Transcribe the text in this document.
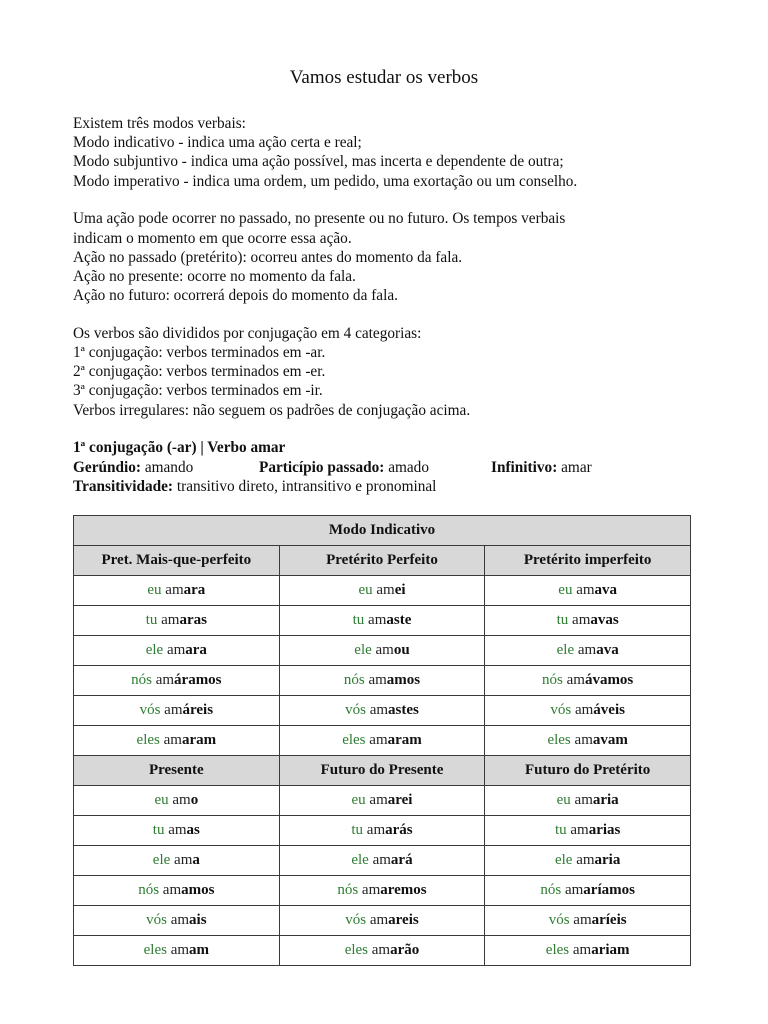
Vamos estudar os verbos
Existem três modos verbais:
Modo indicativo - indica uma ação certa e real;
Modo subjuntivo - indica uma ação possível, mas incerta e dependente de outra;
Modo imperativo - indica uma ordem, um pedido, uma exortação ou um conselho.
Uma ação pode ocorrer no passado, no presente ou no futuro. Os tempos verbais
indicam o momento em que ocorre essa ação.
Ação no passado (pretérito): ocorreu antes do momento da fala.
Ação no presente: ocorre no momento da fala.
Ação no futuro: ocorrerá depois do momento da fala.
Os verbos são divididos por conjugação em 4 categorias:
1ª conjugação: verbos terminados em -ar.
2ª conjugação: verbos terminados em -er.
3ª conjugação: verbos terminados em -ir.
Verbos irregulares: não seguem os padrões de conjugação acima.
1ª conjugação (-ar) | Verbo amar
Gerúndio: amando	Particípio passado: amado	Infinitivo: amar
Transitividade: transitivo direto, intransitivo e pronominal
Modo Indicativo		
Pret. Mais-que-perfeito	Pretérito Perfeito	Pretérito imperfeito
eu amara	eu amei	eu amava
tu amaras	tu amaste	tu amavas
ele amara	ele amou	ele amava
nós amáramos	nós amamos	nós amávamos
vós amáreis	vós amastes	vós amáveis
eles amaram	eles amaram	eles amavam
Presente	Futuro do Presente	Futuro do Pretérito
eu amo	eu amarei	eu amaria
tu amas	tu amarás	tu amarias
ele ama	ele amará	ele amaria
nós amamos	nós amaremos	nós amaríamos
vós amais	vós amareis	vós amaríeis
eles amam	eles amarão	eles amariam
